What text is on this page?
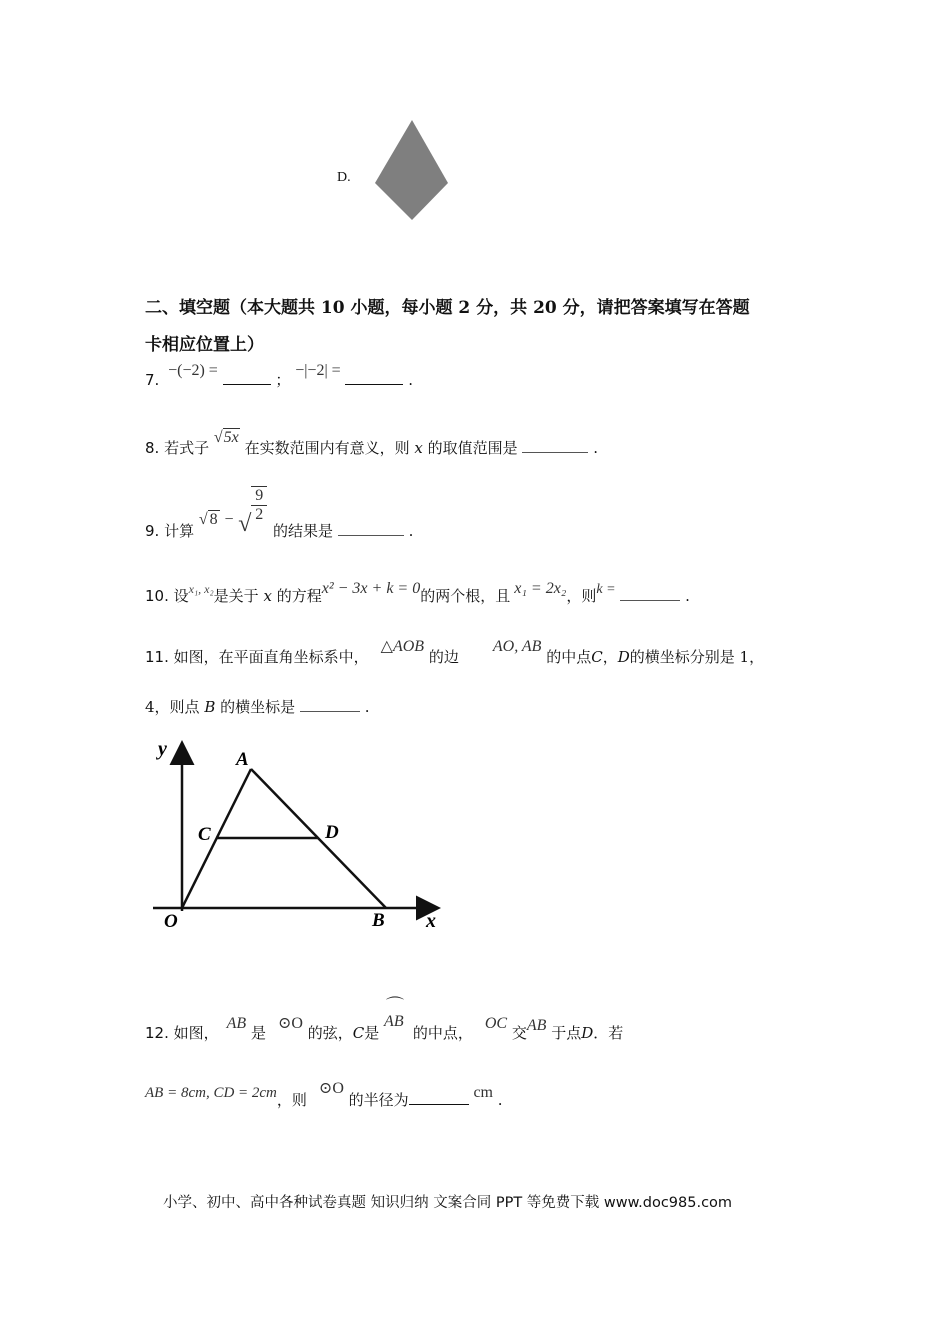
D.
二、填空题（本大题共 10 小题，每小题 2 分，共 20 分，请把答案填写在答题
卡相应位置上）
7. −(−2) =  ； −|−2| =  .
8. 若式子 √5x 在实数范围内有意义，则 x 的取值范围是	.
9. 计算 √ 8 − √ $\frac{9}{2}$
的结果是	.
10. 设$^{x_1, x_2}$是关于 x 的方程x² − 3x + k = 0的两个根，且 x₁ = 2x₂，则k =	.
11. 如图，在平面直角坐标系中，△AOB 的边AO, AB 的中点C，D的横坐标分别是 1，
4，则点 B 的横坐标是	.
y
x
O
A
B
C	D
12. 如图，AB 是⊙O 的弦，C是
⌒
AB
的中点，OC 交AB 于点D．若
AB = 8cm, CD = 2cm，则⊙O 的半径为	cm .
小学、初中、高中各种试卷真题 知识归纳 文案合同 PPT 等免费下载 www.doc985.com
